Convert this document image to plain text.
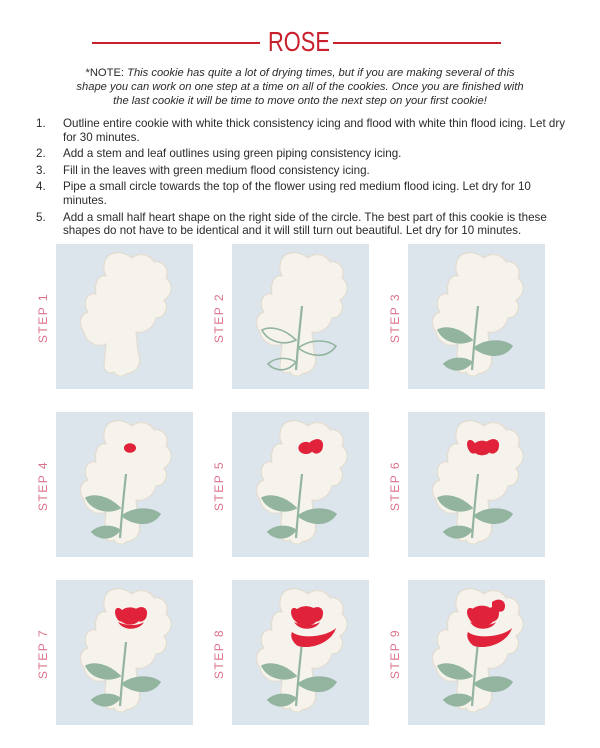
ROSE
*NOTE: This cookie has quite a lot of drying times, but if you are making several of this shape you can work on one step at a time on all of the cookies. Once you are finished with the last cookie it will be time to move onto the next step on your first cookie!
1. Outline entire cookie with white thick consistency icing and flood with white thin flood icing. Let dry for 30 minutes.
2. Add a stem and leaf outlines using green piping consistency icing.
3. Fill in the leaves with green medium flood consistency icing.
4. Pipe a small circle towards the top of the flower using red medium flood icing. Let dry for 10 minutes.
5. Add a small half heart shape on the right side of the circle. The best part of this cookie is these shapes do not have to be identical and it will still turn out beautiful. Let dry for 10 minutes.
STEP 1	STEP 2	STEP 3
STEP 4	STEP 5	STEP 6
STEP 7	STEP 8	STEP 9
